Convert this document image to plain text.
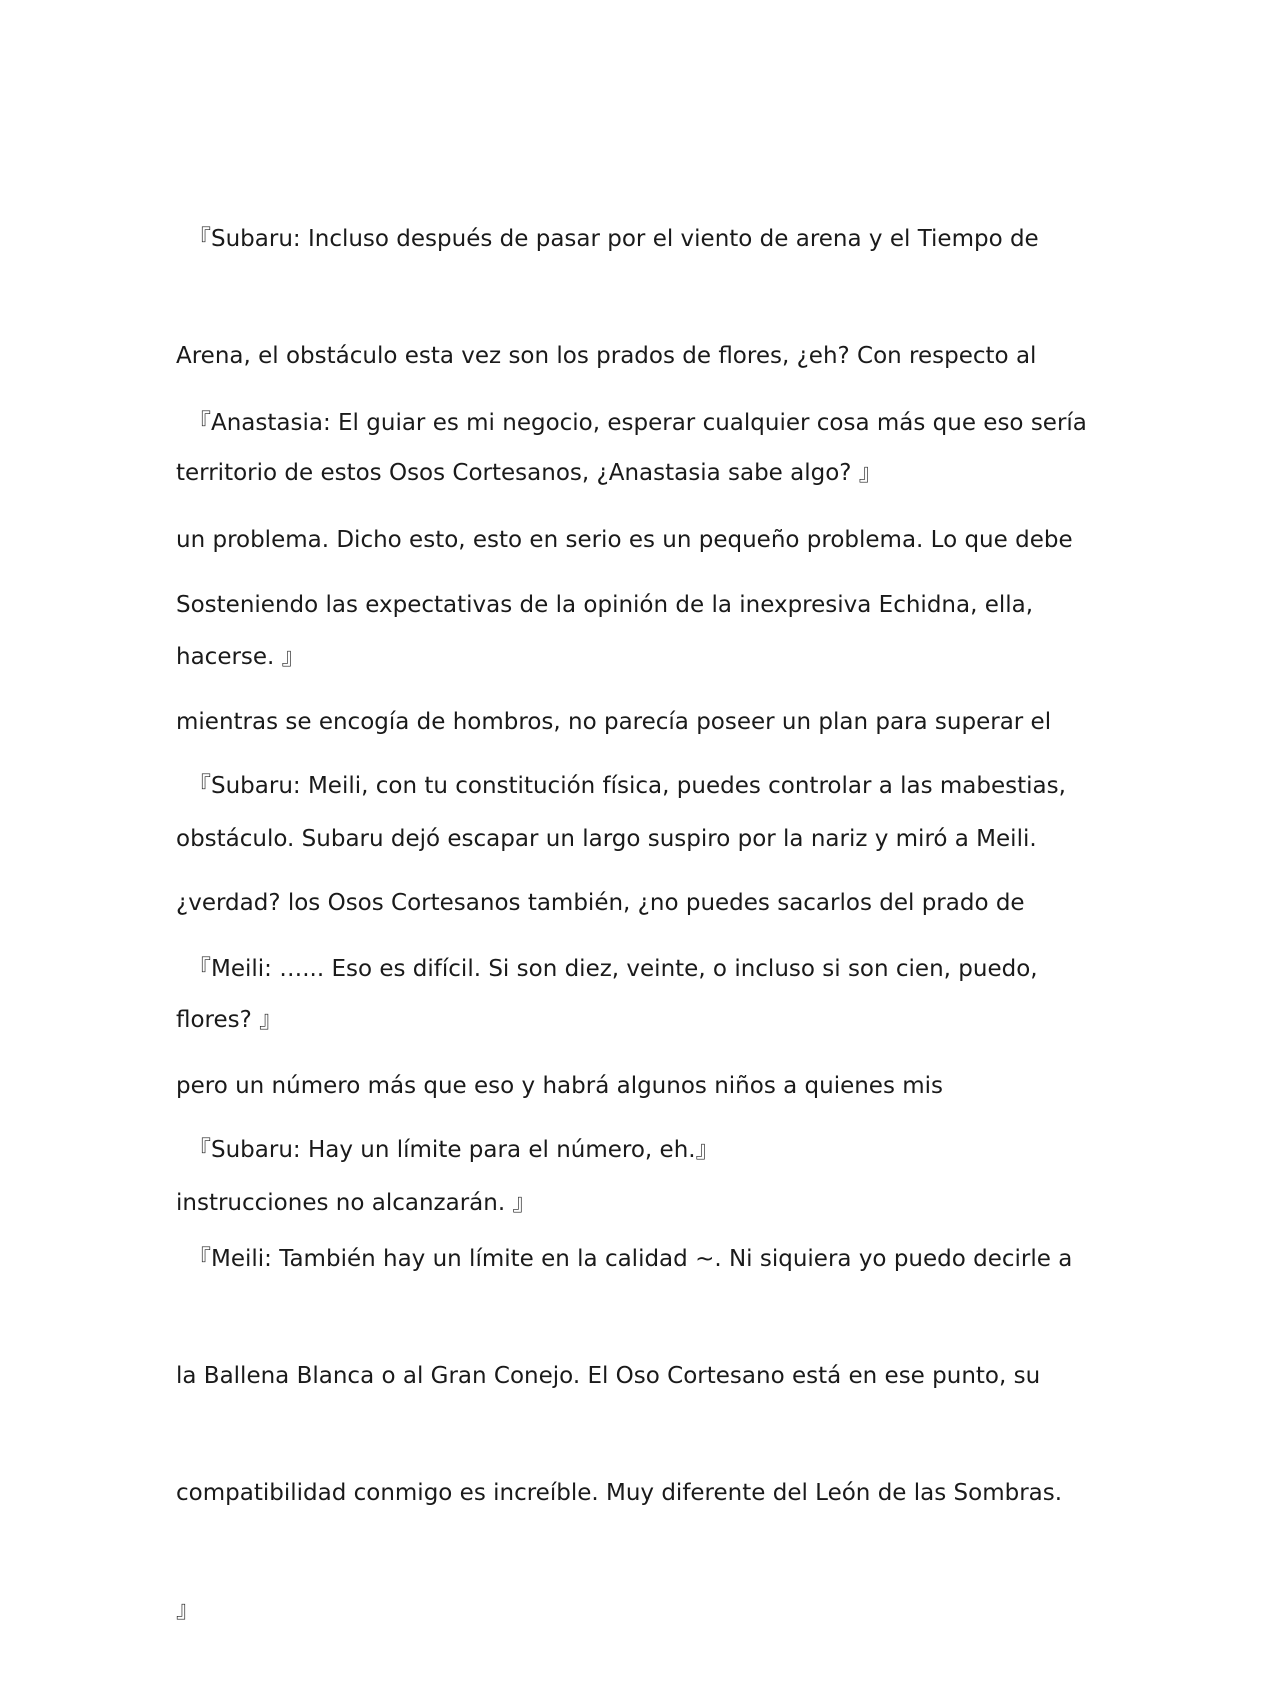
『Subaru: Incluso después de pasar por el viento de arena y el Tiempo de

Arena, el obstáculo esta vez son los prados de flores, ¿eh? Con respecto al

territorio de estos Osos Cortesanos, ¿Anastasia sabe algo? 』

『Anastasia: El guiar es mi negocio, esperar cualquier cosa más que eso sería

un problema. Dicho esto, esto en serio es un pequeño problema. Lo que debe

hacerse. 』

Sosteniendo las expectativas de la opinión de la inexpresiva Echidna, ella,

mientras se encogía de hombros, no parecía poseer un plan para superar el

obstáculo. Subaru dejó escapar un largo suspiro por la nariz y miró a Meili.

『Subaru: Meili, con tu constitución física, puedes controlar a las mabestias,

¿verdad? los Osos Cortesanos también, ¿no puedes sacarlos del prado de

flores? 』

『Meili: …... Eso es difícil. Si son diez, veinte, o incluso si son cien, puedo,

pero un número más que eso y habrá algunos niños a quienes mis

instrucciones no alcanzarán. 』

『Subaru: Hay un límite para el número, eh.』

『Meili: También hay un límite en la calidad ~. Ni siquiera yo puedo decirle a

la Ballena Blanca o al Gran Conejo. El Oso Cortesano está en ese punto, su

compatibilidad conmigo es increíble. Muy diferente del León de las Sombras.

』
